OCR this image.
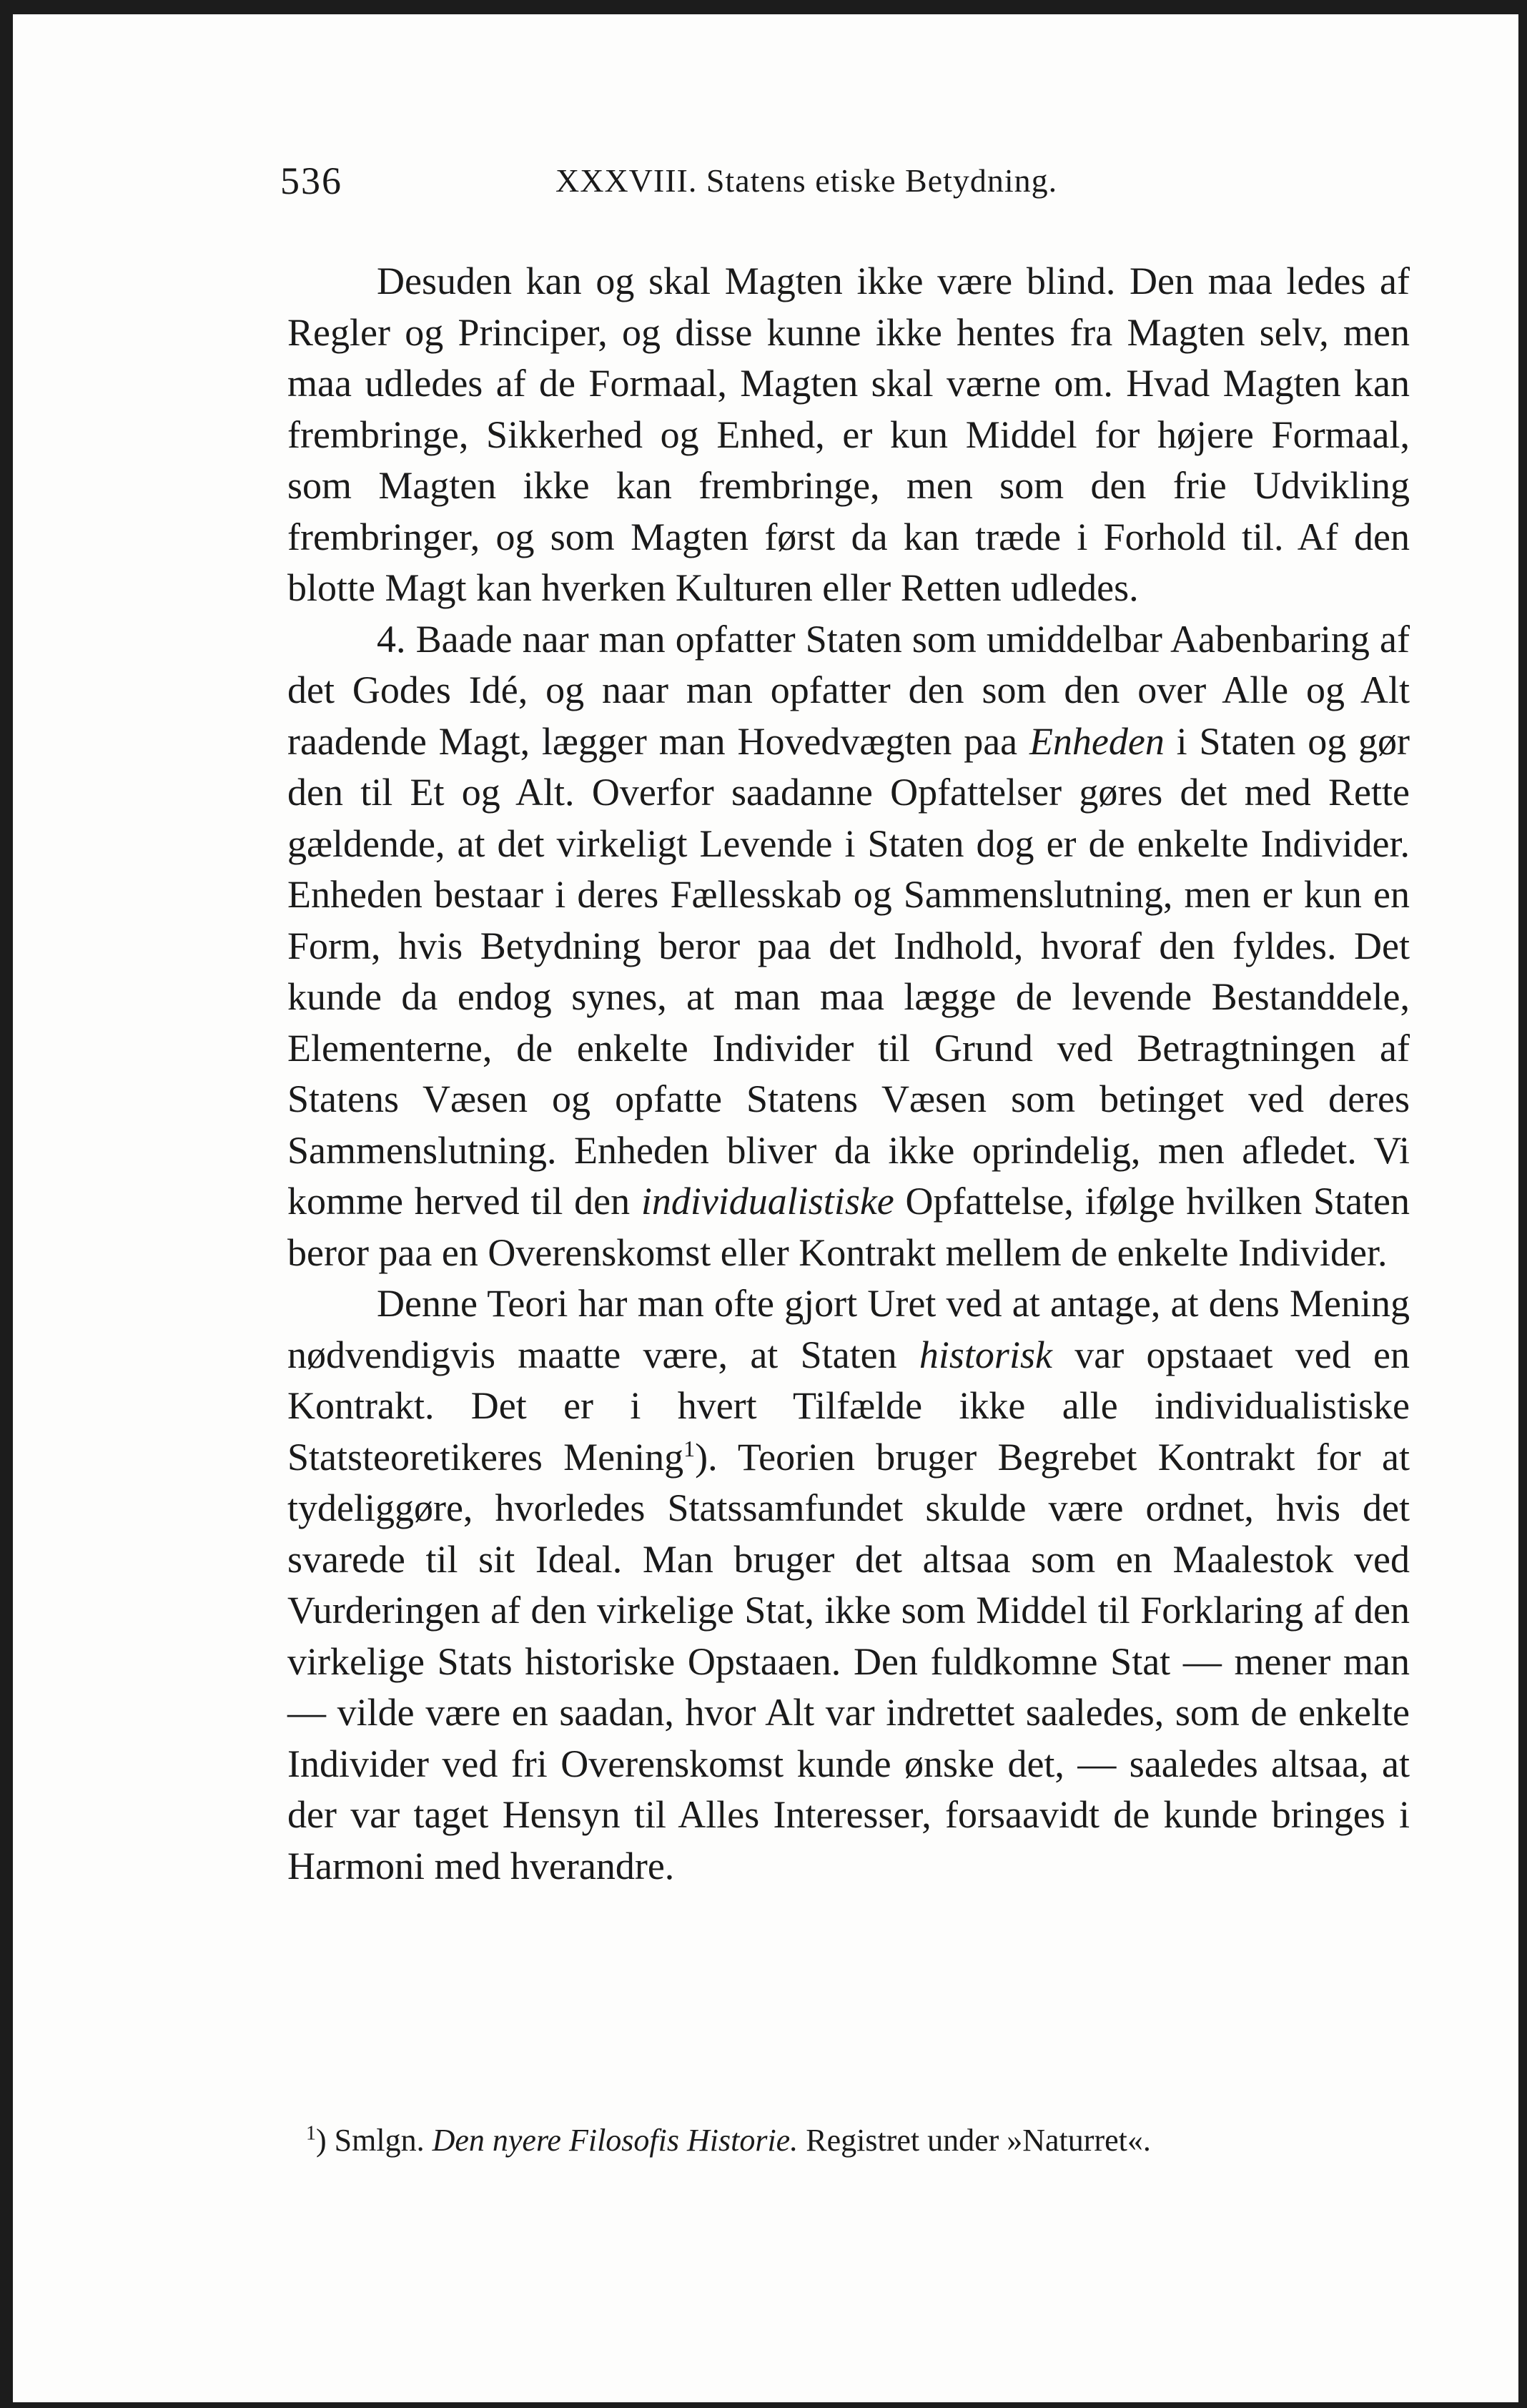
536	XXXVIII. Statens etiske Betydning.

Desuden kan og skal Magten ikke være blind. Den maa ledes af Regler og Principer, og disse kunne ikke hentes fra Magten selv, men maa udledes af de Formaal, Magten skal værne om. Hvad Magten kan frembringe, Sikkerhed og Enhed, er kun Middel for højere Formaal, som Magten ikke kan frembringe, men som den frie Udvikling frembringer, og som Magten først da kan træde i Forhold til. Af den blotte Magt kan hverken Kulturen eller Retten udledes.

4. Baade naar man opfatter Staten som umiddelbar Aabenbaring af det Godes Idé, og naar man opfatter den som den over Alle og Alt raadende Magt, lægger man Hovedvægten paa Enheden i Staten og gør den til Et og Alt. Overfor saadanne Opfattelser gøres det med Rette gældende, at det virkeligt Levende i Staten dog er de enkelte Individer. Enheden bestaar i deres Fællesskab og Sammenslutning, men er kun en Form, hvis Betydning beror paa det Indhold, hvoraf den fyldes. Det kunde da endog synes, at man maa lægge de levende Bestanddele, Elementerne, de enkelte Individer til Grund ved Betragtningen af Statens Væsen og opfatte Statens Væsen som betinget ved deres Sammenslutning. Enheden bliver da ikke oprindelig, men afledet. Vi komme herved til den individualistiske Opfattelse, ifølge hvilken Staten beror paa en Overenskomst eller Kontrakt mellem de enkelte Individer.

Denne Teori har man ofte gjort Uret ved at antage, at dens Mening nødvendigvis maatte være, at Staten historisk var opstaaet ved en Kontrakt. Det er i hvert Tilfælde ikke alle individualistiske Statsteoretikeres Mening$^1$). Teorien bruger Begrebet Kontrakt for at tydeliggøre, hvorledes Statssamfundet skulde være ordnet, hvis det svarede til sit Ideal. Man bruger det altsaa som en Maalestok ved Vurderingen af den virkelige Stat, ikke som Middel til Forklaring af den virkelige Stats historiske Opstaaen. Den fuldkomne Stat — mener man — vilde være en saadan, hvor Alt var indrettet saaledes, som de enkelte Individer ved fri Overenskomst kunde ønske det, — saaledes altsaa, at der var taget Hensyn til Alles Interesser, forsaavidt de kunde bringes i Harmoni med hverandre.

$^1$) Smlgn. Den nyere Filosofis Historie. Registret under »Naturret«.
